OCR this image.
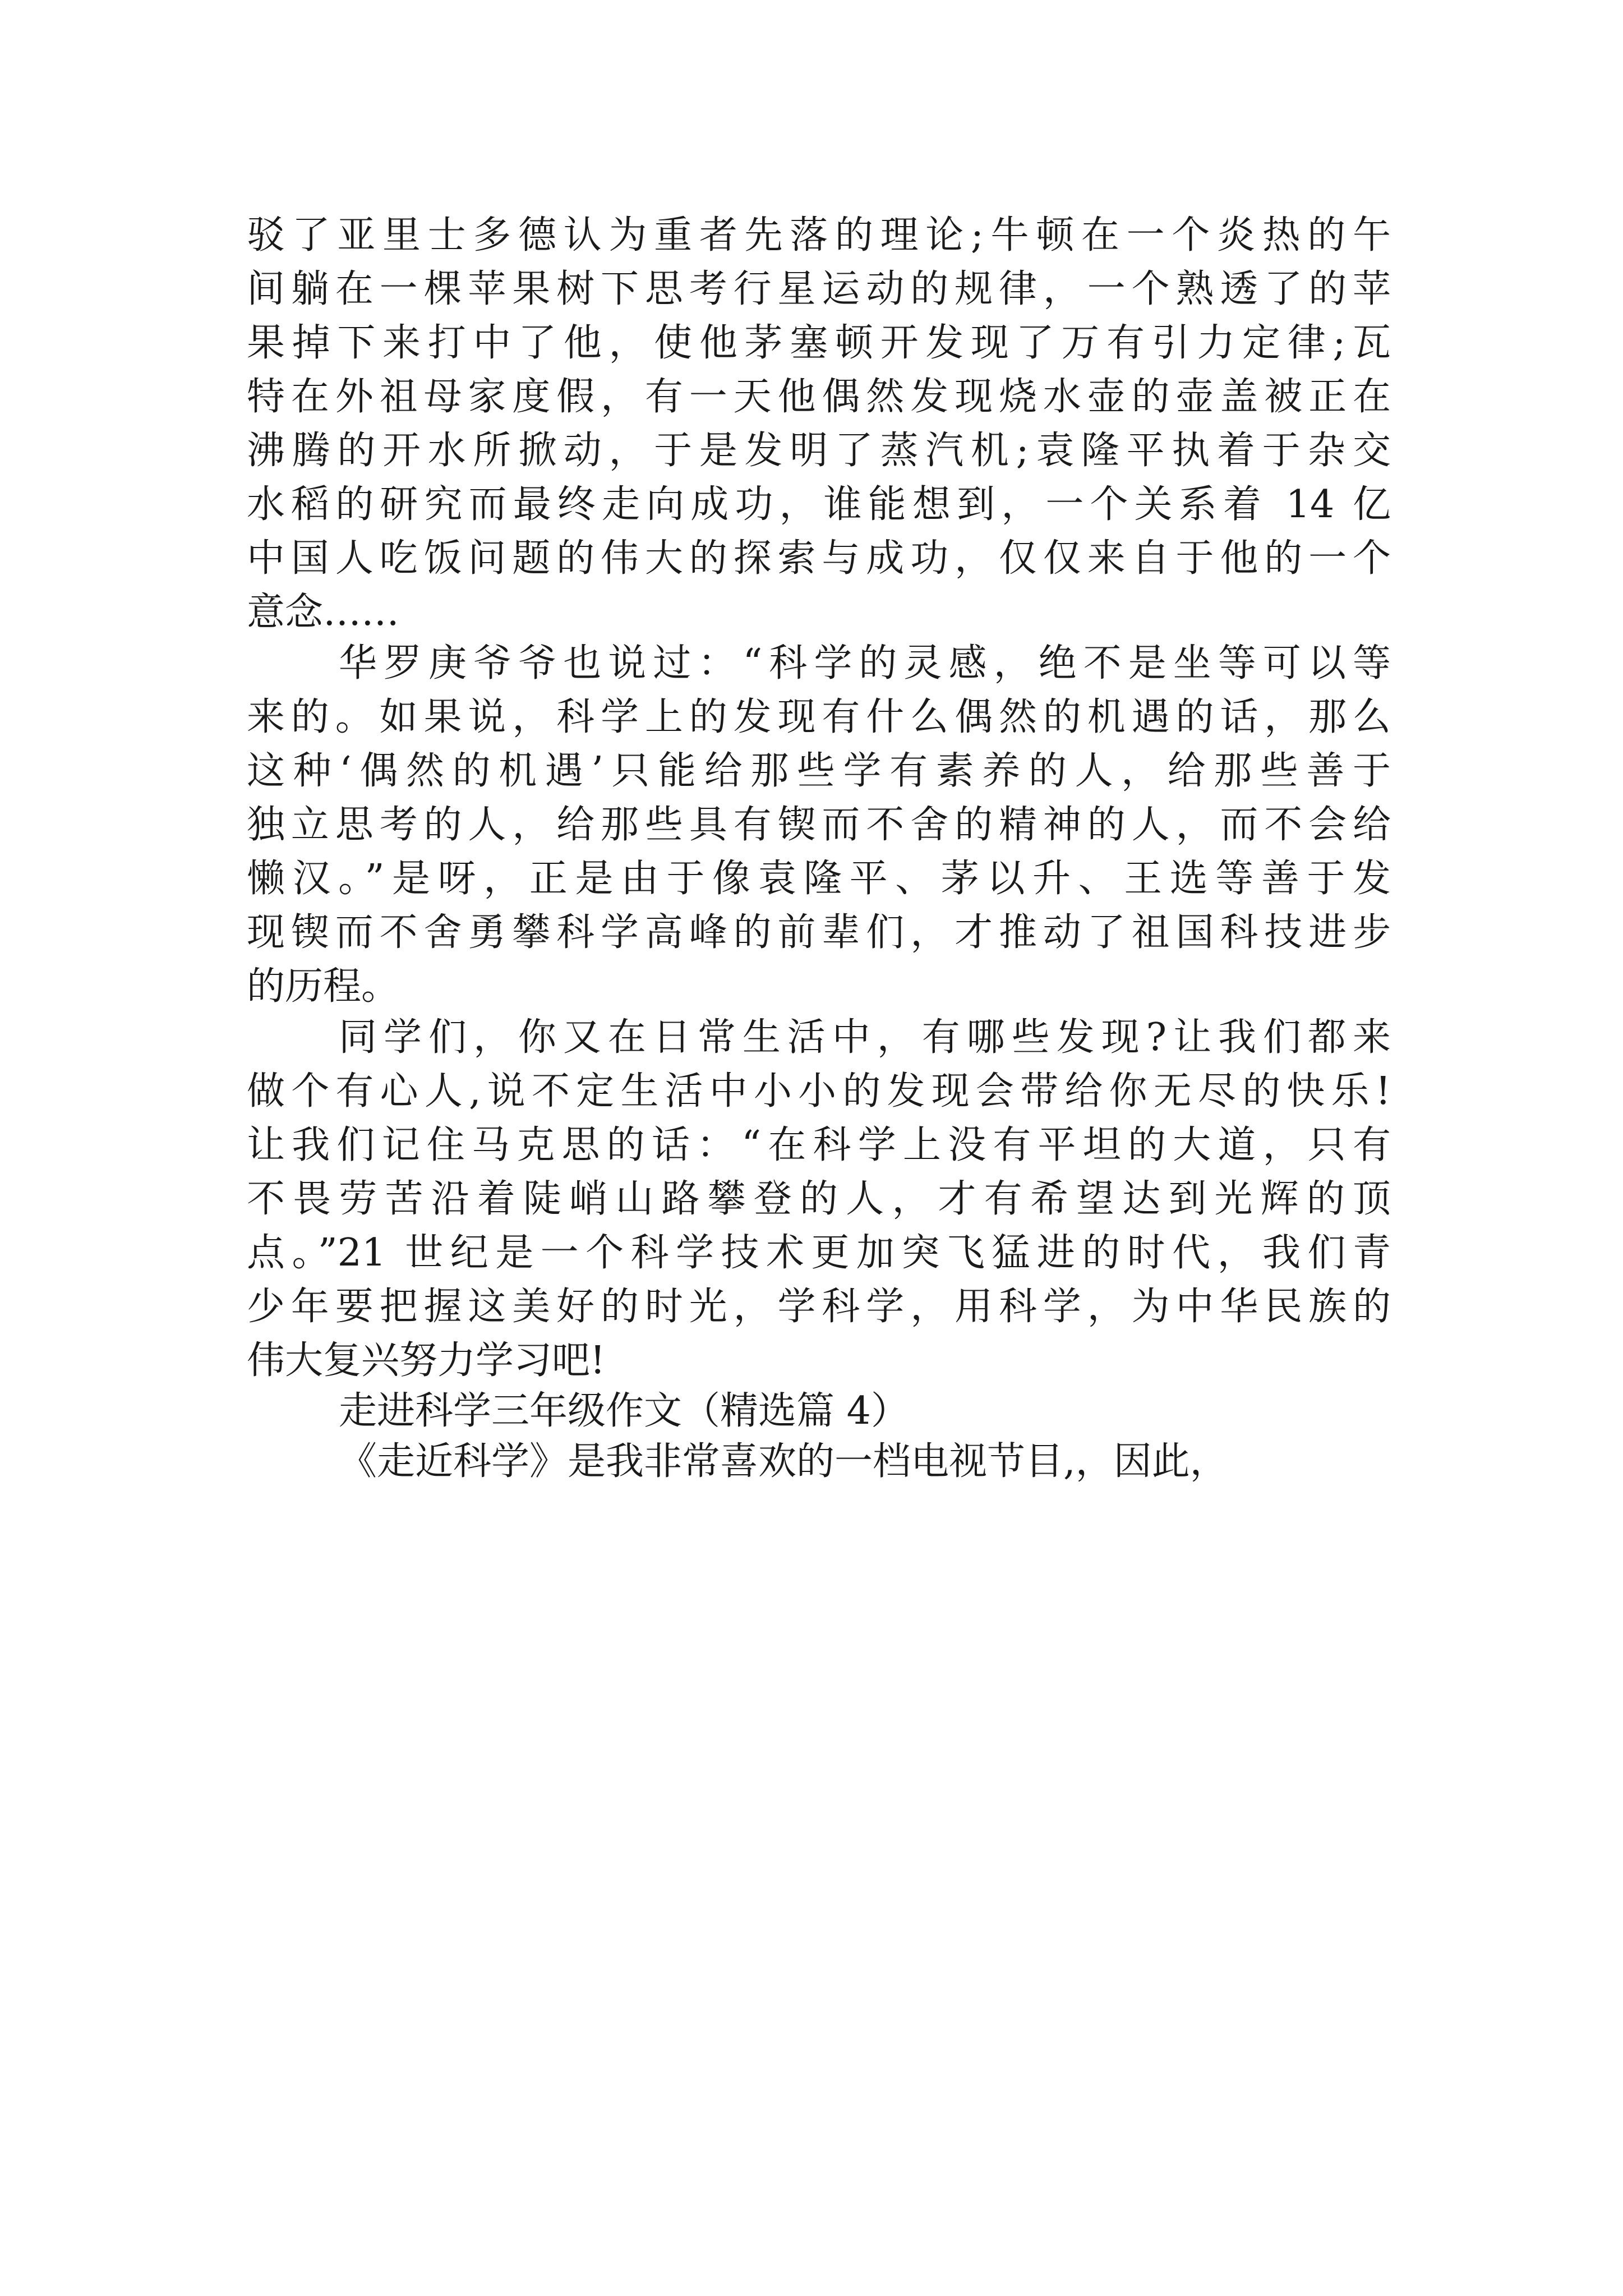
驳了亚里士多德认为重者先落的理论;牛顿在一个炎热的午

间躺在一棵苹果树下思考行星运动的规律，一个熟透了的苹

果掉下来打中了他，使他茅塞顿开发现了万有引力定律;瓦

特在外祖母家度假，有一天他偶然发现烧水壶的壶盖被正在

沸腾的开水所掀动，于是发明了蒸汽机;袁隆平执着于杂交

水稻的研究而最终走向成功，谁能想到，一个关系着 14 亿

中国人吃饭问题的伟大的探索与成功，仅仅来自于他的一个

意念……

华罗庚爷爷也说过：“科学的灵感，绝不是坐等可以等

来的。如果说，科学上的发现有什么偶然的机遇的话，那么

这种‘偶然的机遇’只能给那些学有素养的人，给那些善于

独立思考的人，给那些具有锲而不舍的精神的人，而不会给

懒汉。”是呀，正是由于像袁隆平、茅以升、王选等善于发

现锲而不舍勇攀科学高峰的前辈们，才推动了祖国科技进步

的历程。

同学们，你又在日常生活中，有哪些发现?让我们都来

做个有心人,说不定生活中小小的发现会带给你无尽的快乐!

让我们记住马克思的话：“在科学上没有平坦的大道，只有

不畏劳苦沿着陡峭山路攀登的人，才有希望达到光辉的顶

点。”21 世纪是一个科学技术更加突飞猛进的时代，我们青

少年要把握这美好的时光，学科学，用科学，为中华民族的

伟大复兴努力学习吧!

走进科学三年级作文（精选篇 4）

《走近科学》是我非常喜欢的一档电视节目,，因此，
